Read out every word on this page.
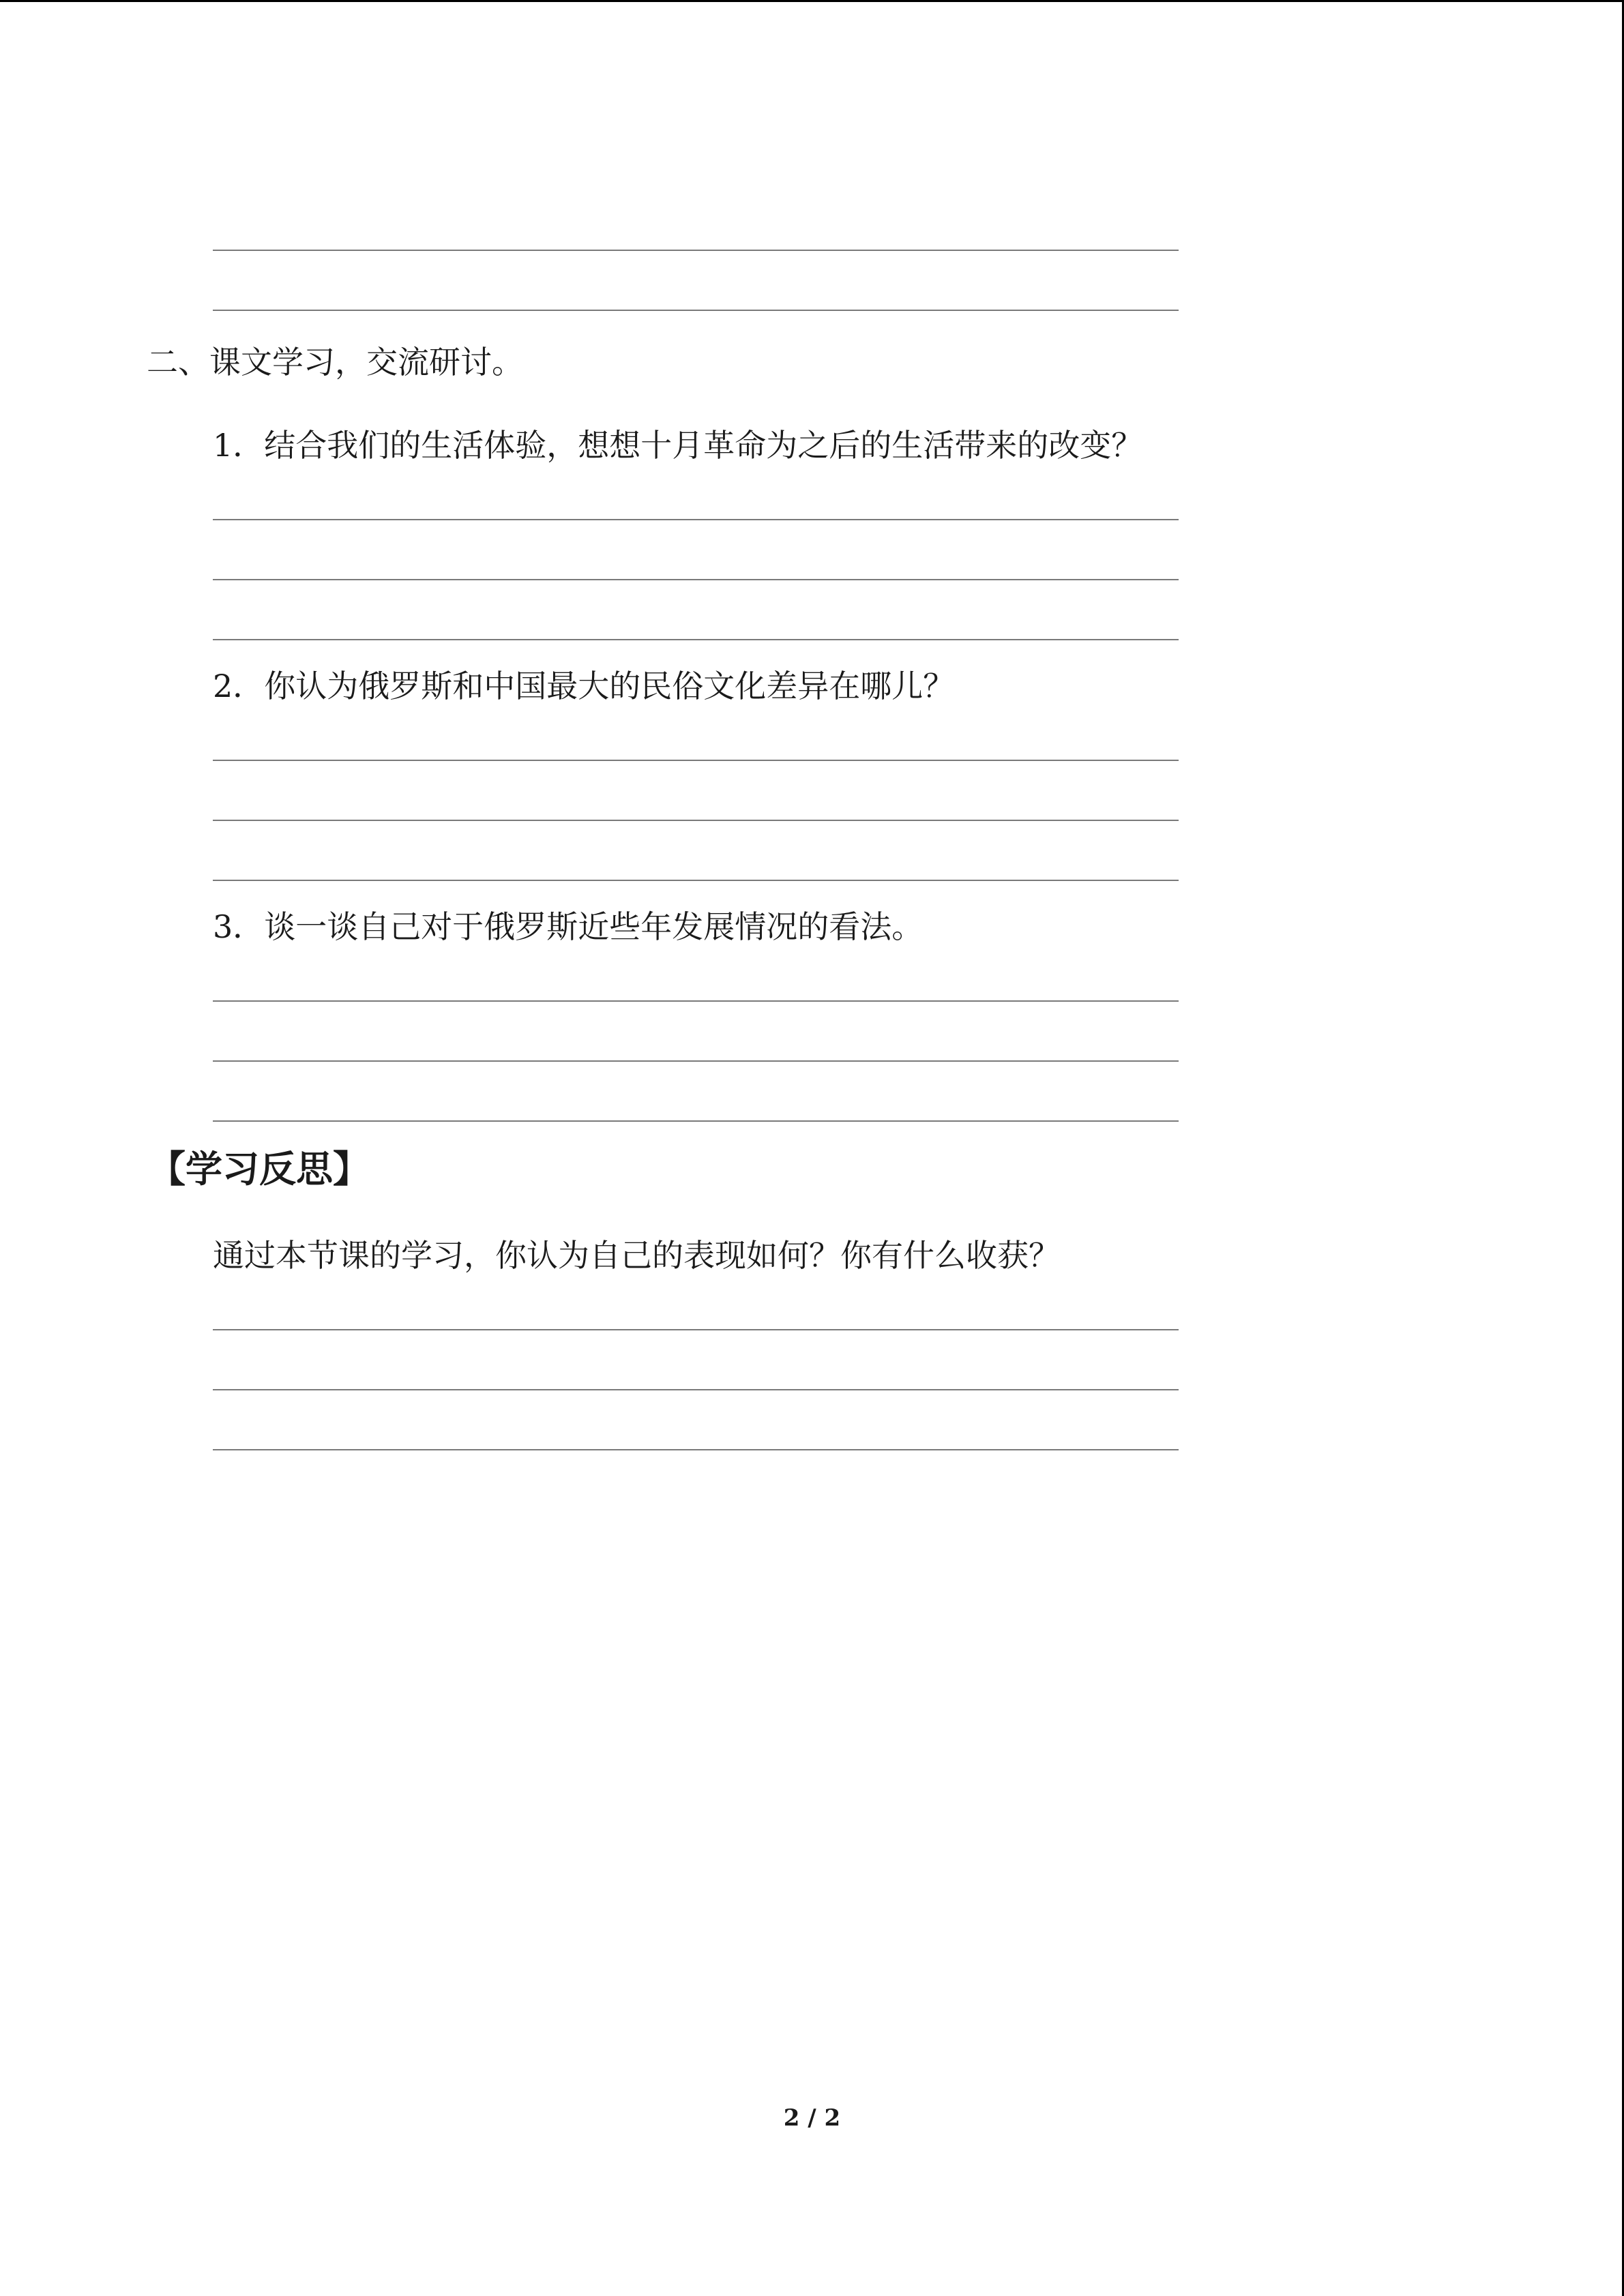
二、课文学习，交流研讨。
1．结合我们的生活体验，想想十月革命为之后的生活带来的改变？
2．你认为俄罗斯和中国最大的民俗文化差异在哪儿？
3．谈一谈自己对于俄罗斯近些年发展情况的看法。
【学习反思】
通过本节课的学习，你认为自己的表现如何？你有什么收获？
2 / 2
